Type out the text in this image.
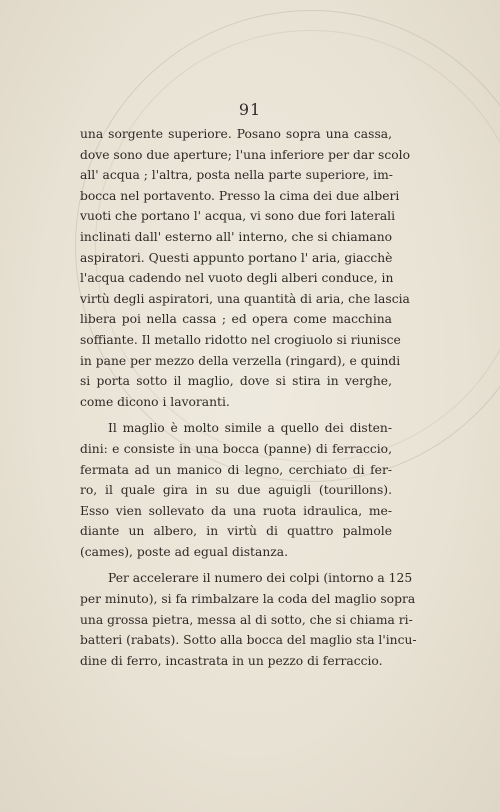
91
una sorgente superiore. Posano sopra una cassa,
dove sono due aperture; l'una inferiore per dar scolo
all' acqua ; l'altra, posta nella parte superiore, im-
bocca nel portavento. Presso la cima dei due alberi
vuoti che portano l' acqua, vi sono due fori laterali
inclinati dall' esterno all' interno, che si chiamano
aspiratori. Questi appunto portano l' aria, giacchè
l'acqua cadendo nel vuoto degli alberi conduce, in
virtù degli aspiratori, una quantità di aria, che lascia
libera poi nella cassa ; ed opera come macchina
soffiante. Il metallo ridotto nel crogiuolo si riunisce
in pane per mezzo della verzella (ringard), e quindi
si porta sotto il maglio, dove si stira in verghe,
come dicono i lavoranti.
Il maglio è molto simile a quello dei disten-
dini: e consiste in una bocca (panne) di ferraccio,
fermata ad un manico di legno, cerchiato di fer-
ro, il quale gira in su due aguigli (tourillons).
Esso vien sollevato da una ruota idraulica, me-
diante un albero, in virtù di quattro palmole
(cames), poste ad egual distanza.
Per accelerare il numero dei colpi (intorno a 125
per minuto), si fa rimbalzare la coda del maglio sopra
una grossa pietra, messa al di sotto, che si chiama ri-
batteri (rabats). Sotto alla bocca del maglio sta l'incu-
dine di ferro, incastrata in un pezzo di ferraccio.
